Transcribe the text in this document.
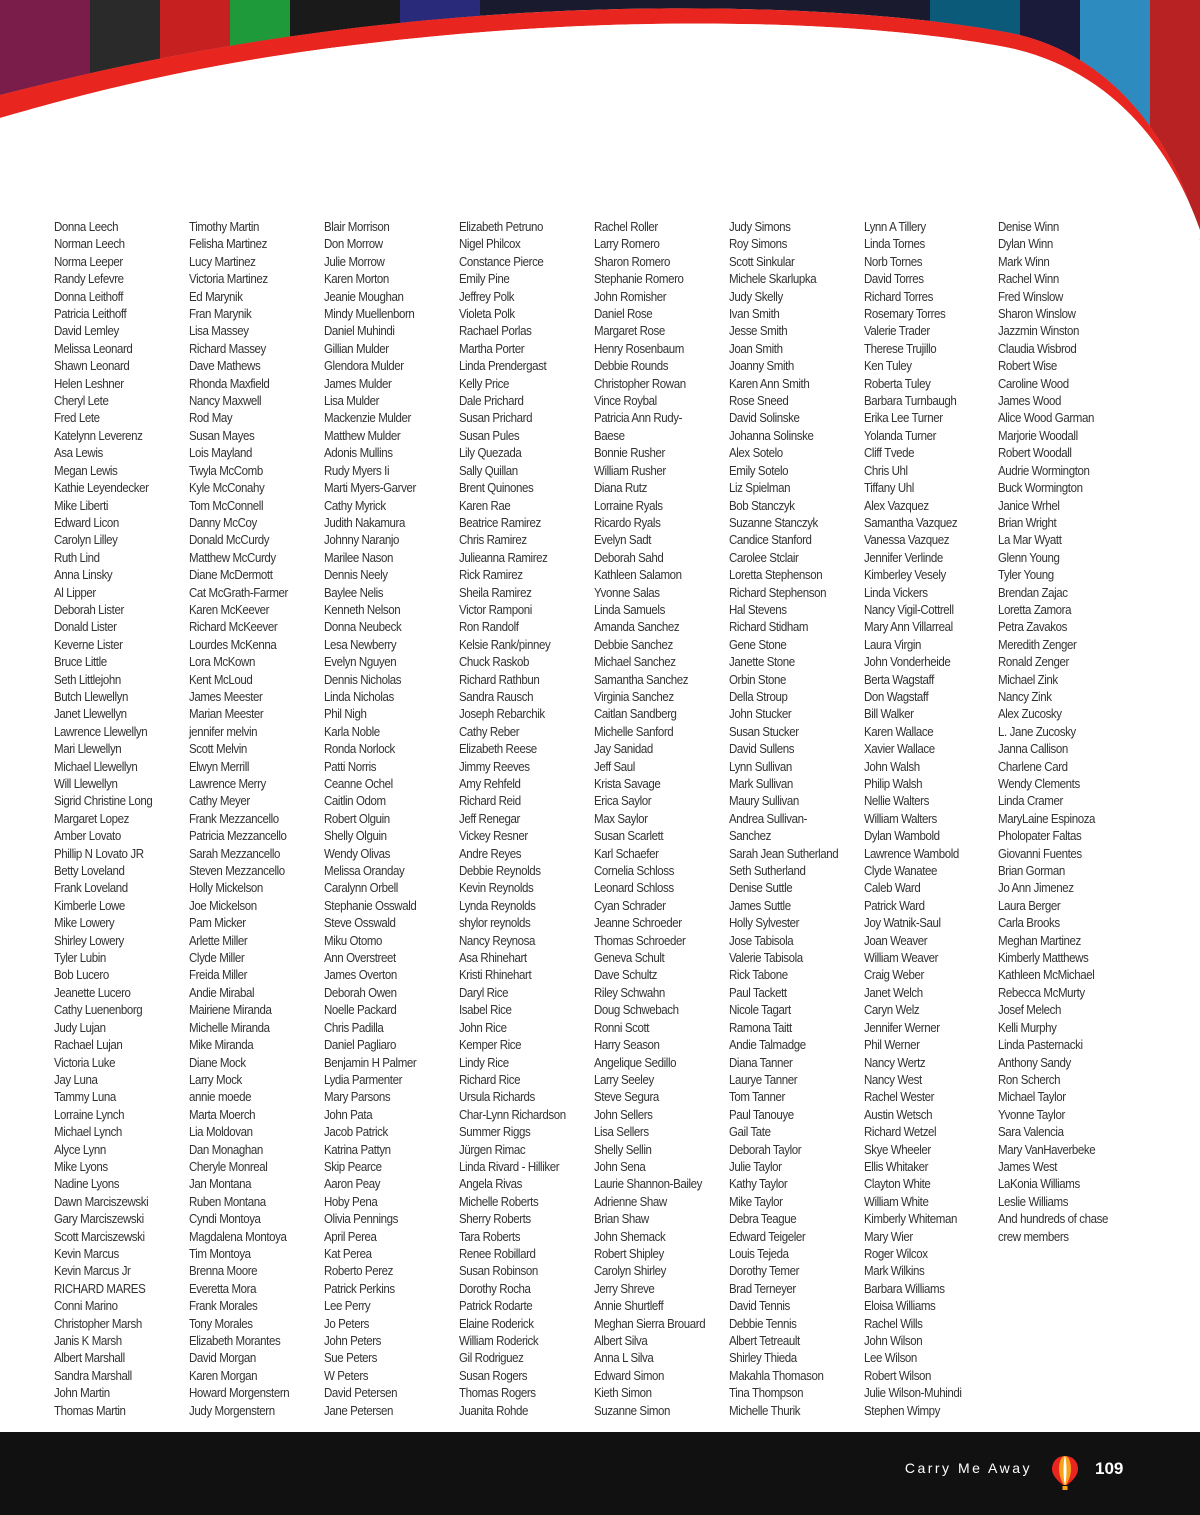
Donna Leech
Norman Leech
Norma Leeper
Randy Lefevre
Donna Leithoff
Patricia Leithoff
David Lemley
Melissa Leonard
Shawn Leonard
Helen Leshner
Cheryl Lete
Fred Lete
Katelynn Leverenz
Asa Lewis
Megan Lewis
Kathie Leyendecker
Mike Liberti
Edward Licon
Carolyn Lilley
Ruth Lind
Anna Linsky
Al Lipper
Deborah Lister
Donald Lister
Keverne Lister
Bruce Little
Seth Littlejohn
Butch Llewellyn
Janet Llewellyn
Lawrence Llewellyn
Mari Llewellyn
Michael Llewellyn
Will Llewellyn
Sigrid Christine Long
Margaret Lopez
Amber Lovato
Phillip N Lovato JR
Betty Loveland
Frank Loveland
Kimberle Lowe
Mike Lowery
Shirley Lowery
Tyler Lubin
Bob Lucero
Jeanette Lucero
Cathy Luenenborg
Judy Lujan
Rachael Lujan
Victoria Luke
Jay Luna
Tammy Luna
Lorraine Lynch
Michael Lynch
Alyce Lynn
Mike Lyons
Nadine Lyons
Dawn Marciszewski
Gary Marciszewski
Scott Marciszewski
Kevin Marcus
Kevin Marcus Jr
RICHARD MARES
Conni Marino
Christopher Marsh
Janis K Marsh
Albert Marshall
Sandra Marshall
John Martin
Thomas Martin
Timothy Martin
Felisha Martinez
Lucy Martinez
Victoria Martinez
Ed Marynik
Fran Marynik
Lisa Massey
Richard Massey
Dave Mathews
Rhonda Maxfield
Nancy Maxwell
Rod May
Susan Mayes
Lois Mayland
Twyla McComb
Kyle McConahy
Tom McConnell
Danny McCoy
Donald McCurdy
Matthew McCurdy
Diane McDermott
Cat McGrath-Farmer
Karen McKeever
Richard McKeever
Lourdes McKenna
Lora McKown
Kent McLoud
James Meester
Marian Meester
jennifer melvin
Scott Melvin
Elwyn Merrill
Lawrence Merry
Cathy Meyer
Frank Mezzancello
Patricia Mezzancello
Sarah Mezzancello
Steven Mezzancello
Holly Mickelson
Joe Mickelson
Pam Micker
Arlette Miller
Clyde Miller
Freida Miller
Andie Mirabal
Mairiene Miranda
Michelle Miranda
Mike Miranda
Diane Mock
Larry Mock
annie moede
Marta Moerch
Lia Moldovan
Dan Monaghan
Cheryle Monreal
Jan Montana
Ruben Montana
Cyndi Montoya
Magdalena Montoya
Tim Montoya
Brenna Moore
Everetta Mora
Frank Morales
Tony Morales
Elizabeth Morantes
David Morgan
Karen Morgan
Howard Morgenstern
Judy Morgenstern
Blair Morrison
Don Morrow
Julie Morrow
Karen Morton
Jeanie Moughan
Mindy Muellenborn
Daniel Muhindi
Gillian Mulder
Glendora Mulder
James Mulder
Lisa Mulder
Mackenzie Mulder
Matthew Mulder
Adonis Mullins
Rudy Myers Ii
Marti Myers-Garver
Cathy Myrick
Judith Nakamura
Johnny Naranjo
Marilee Nason
Dennis Neely
Baylee Nelis
Kenneth Nelson
Donna Neubeck
Lesa Newberry
Evelyn Nguyen
Dennis Nicholas
Linda Nicholas
Phil Nigh
Karla Noble
Ronda Norlock
Patti Norris
Ceanne Ochel
Caitlin Odom
Robert Olguin
Shelly Olguin
Wendy Olivas
Melissa Oranday
Caralynn Orbell
Stephanie Osswald
Steve Osswald
Miku Otomo
Ann Overstreet
James Overton
Deborah Owen
Noelle Packard
Chris Padilla
Daniel Pagliaro
Benjamin H Palmer
Lydia Parmenter
Mary Parsons
John Pata
Jacob Patrick
Katrina Pattyn
Skip Pearce
Aaron Peay
Hoby Pena
Olivia Pennings
April Perea
Kat Perea
Roberto Perez
Patrick Perkins
Lee Perry
Jo Peters
John Peters
Sue Peters
W Peters
David Petersen
Jane Petersen
Elizabeth Petruno
Nigel Philcox
Constance Pierce
Emily Pine
Jeffrey Polk
Violeta Polk
Rachael Porlas
Martha Porter
Linda Prendergast
Kelly Price
Dale Prichard
Susan Prichard
Susan Pules
Lily Quezada
Sally Quillan
Brent Quinones
Karen Rae
Beatrice Ramirez
Chris Ramirez
Julieanna Ramirez
Rick Ramirez
Sheila Ramirez
Victor Ramponi
Ron Randolf
Kelsie Rank/pinney
Chuck Raskob
Richard Rathbun
Sandra Rausch
Joseph Rebarchik
Cathy Reber
Elizabeth Reese
Jimmy Reeves
Amy Rehfeld
Richard Reid
Jeff Renegar
Vickey Resner
Andre Reyes
Debbie Reynolds
Kevin Reynolds
Lynda Reynolds
shylor reynolds
Nancy Reynosa
Asa Rhinehart
Kristi Rhinehart
Daryl Rice
Isabel Rice
John Rice
Kemper Rice
Lindy Rice
Richard Rice
Ursula Richards
Char-Lynn Richardson
Summer Riggs
Jürgen Rimac
Linda Rivard - Hilliker
Angela Rivas
Michelle Roberts
Sherry Roberts
Tara Roberts
Renee Robillard
Susan Robinson
Dorothy Rocha
Patrick Rodarte
Elaine Roderick
William Roderick
Gil Rodriguez
Susan Rogers
Thomas Rogers
Juanita Rohde
Rachel Roller
Larry Romero
Sharon Romero
Stephanie Romero
John Romisher
Daniel Rose
Margaret Rose
Henry Rosenbaum
Debbie Rounds
Christopher Rowan
Vince Roybal
Patricia Ann Rudy-
Baese
Bonnie Rusher
William Rusher
Diana Rutz
Lorraine Ryals
Ricardo Ryals
Evelyn Sadt
Deborah Sahd
Kathleen Salamon
Yvonne Salas
Linda Samuels
Amanda Sanchez
Debbie Sanchez
Michael Sanchez
Samantha Sanchez
Virginia Sanchez
Caitlan Sandberg
Michelle Sanford
Jay Sanidad
Jeff Saul
Krista Savage
Erica Saylor
Max Saylor
Susan Scarlett
Karl Schaefer
Cornelia Schloss
Leonard Schloss
Cyan Schrader
Jeanne Schroeder
Thomas Schroeder
Geneva Schult
Dave Schultz
Riley Schwahn
Doug Schwebach
Ronni Scott
Harry Season
Angelique Sedillo
Larry Seeley
Steve Segura
John Sellers
Lisa Sellers
Shelly Sellin
John Sena
Laurie Shannon-Bailey
Adrienne Shaw
Brian Shaw
John Shemack
Robert Shipley
Carolyn Shirley
Jerry Shreve
Annie Shurtleff
Meghan Sierra Brouard
Albert Silva
Anna L Silva
Edward Simon
Kieth Simon
Suzanne Simon
Judy Simons
Roy Simons
Scott Sinkular
Michele Skarlupka
Judy Skelly
Ivan Smith
Jesse Smith
Joan Smith
Joanny Smith
Karen Ann Smith
Rose Sneed
David Solinske
Johanna Solinske
Alex Sotelo
Emily Sotelo
Liz Spielman
Bob Stanczyk
Suzanne Stanczyk
Candice Stanford
Carolee Stclair
Loretta Stephenson
Richard Stephenson
Hal Stevens
Richard Stidham
Gene Stone
Janette Stone
Orbin Stone
Della Stroup
John Stucker
Susan Stucker
David Sullens
Lynn Sullivan
Mark Sullivan
Maury Sullivan
Andrea Sullivan-
Sanchez
Sarah Jean Sutherland
Seth Sutherland
Denise Suttle
James Suttle
Holly Sylvester
Jose Tabisola
Valerie Tabisola
Rick Tabone
Paul Tackett
Nicole Tagart
Ramona Taitt
Andie Talmadge
Diana Tanner
Laurye Tanner
Tom Tanner
Paul Tanouye
Gail Tate
Deborah Taylor
Julie Taylor
Kathy Taylor
Mike Taylor
Debra Teague
Edward Teigeler
Louis Tejeda
Dorothy Temer
Brad Terneyer
David Tennis
Debbie Tennis
Albert Tetreault
Shirley Thieda
Makahla Thomason
Tina Thompson
Michelle Thurik
Lynn A Tillery
Linda Tornes
Norb Tornes
David Torres
Richard Torres
Rosemary Torres
Valerie Trader
Therese Trujillo
Ken Tuley
Roberta Tuley
Barbara Turnbaugh
Erika Lee Turner
Yolanda Turner
Cliff Tvede
Chris Uhl
Tiffany Uhl
Alex Vazquez
Samantha Vazquez
Vanessa Vazquez
Jennifer Verlinde
Kimberley Vesely
Linda Vickers
Nancy Vigil-Cottrell
Mary Ann Villarreal
Laura Virgin
John Vonderheide
Berta Wagstaff
Don Wagstaff
Bill Walker
Karen Wallace
Xavier Wallace
John Walsh
Philip Walsh
Nellie Walters
William Walters
Dylan Wambold
Lawrence Wambold
Clyde Wanatee
Caleb Ward
Patrick Ward
Joy Watnik-Saul
Joan Weaver
William Weaver
Craig Weber
Janet Welch
Caryn Welz
Jennifer Werner
Phil Werner
Nancy Wertz
Nancy West
Rachel Wester
Austin Wetsch
Richard Wetzel
Skye Wheeler
Ellis Whitaker
Clayton White
William White
Kimberly Whiteman
Mary Wier
Roger Wilcox
Mark Wilkins
Barbara Williams
Eloisa Williams
Rachel Wills
John Wilson
Lee Wilson
Robert Wilson
Julie Wilson-Muhindi
Stephen Wimpy
Denise Winn
Dylan Winn
Mark Winn
Rachel Winn
Fred Winslow
Sharon Winslow
Jazzmin Winston
Claudia Wisbrod
Robert Wise
Caroline Wood
James Wood
Alice Wood Garman
Marjorie Woodall
Robert Woodall
Audrie Wormington
Buck Wormington
Janice Wrhel
Brian Wright
La Mar Wyatt
Glenn Young
Tyler Young
Brendan Zajac
Loretta Zamora
Petra Zavakos
Meredith Zenger
Ronald Zenger
Michael Zink
Nancy Zink
Alex Zucosky
L. Jane Zucosky
Janna Callison
Charlene Card
Wendy Clements
Linda Cramer
MaryLaine Espinoza
Pholopater Faltas
Giovanni Fuentes
Brian Gorman
Jo Ann Jimenez
Laura Berger
Carla Brooks
Meghan Martinez
Kimberly Matthews
Kathleen McMichael
Rebecca McMurty
Josef Melech
Kelli Murphy
Linda Pasternacki
Anthony Sandy
Ron Scherch
Michael Taylor
Yvonne Taylor
Sara Valencia
Mary VanHaverbeke
James West
LaKonia Williams
Leslie Williams
And hundreds of chase
crew members
Carry Me Away	109
